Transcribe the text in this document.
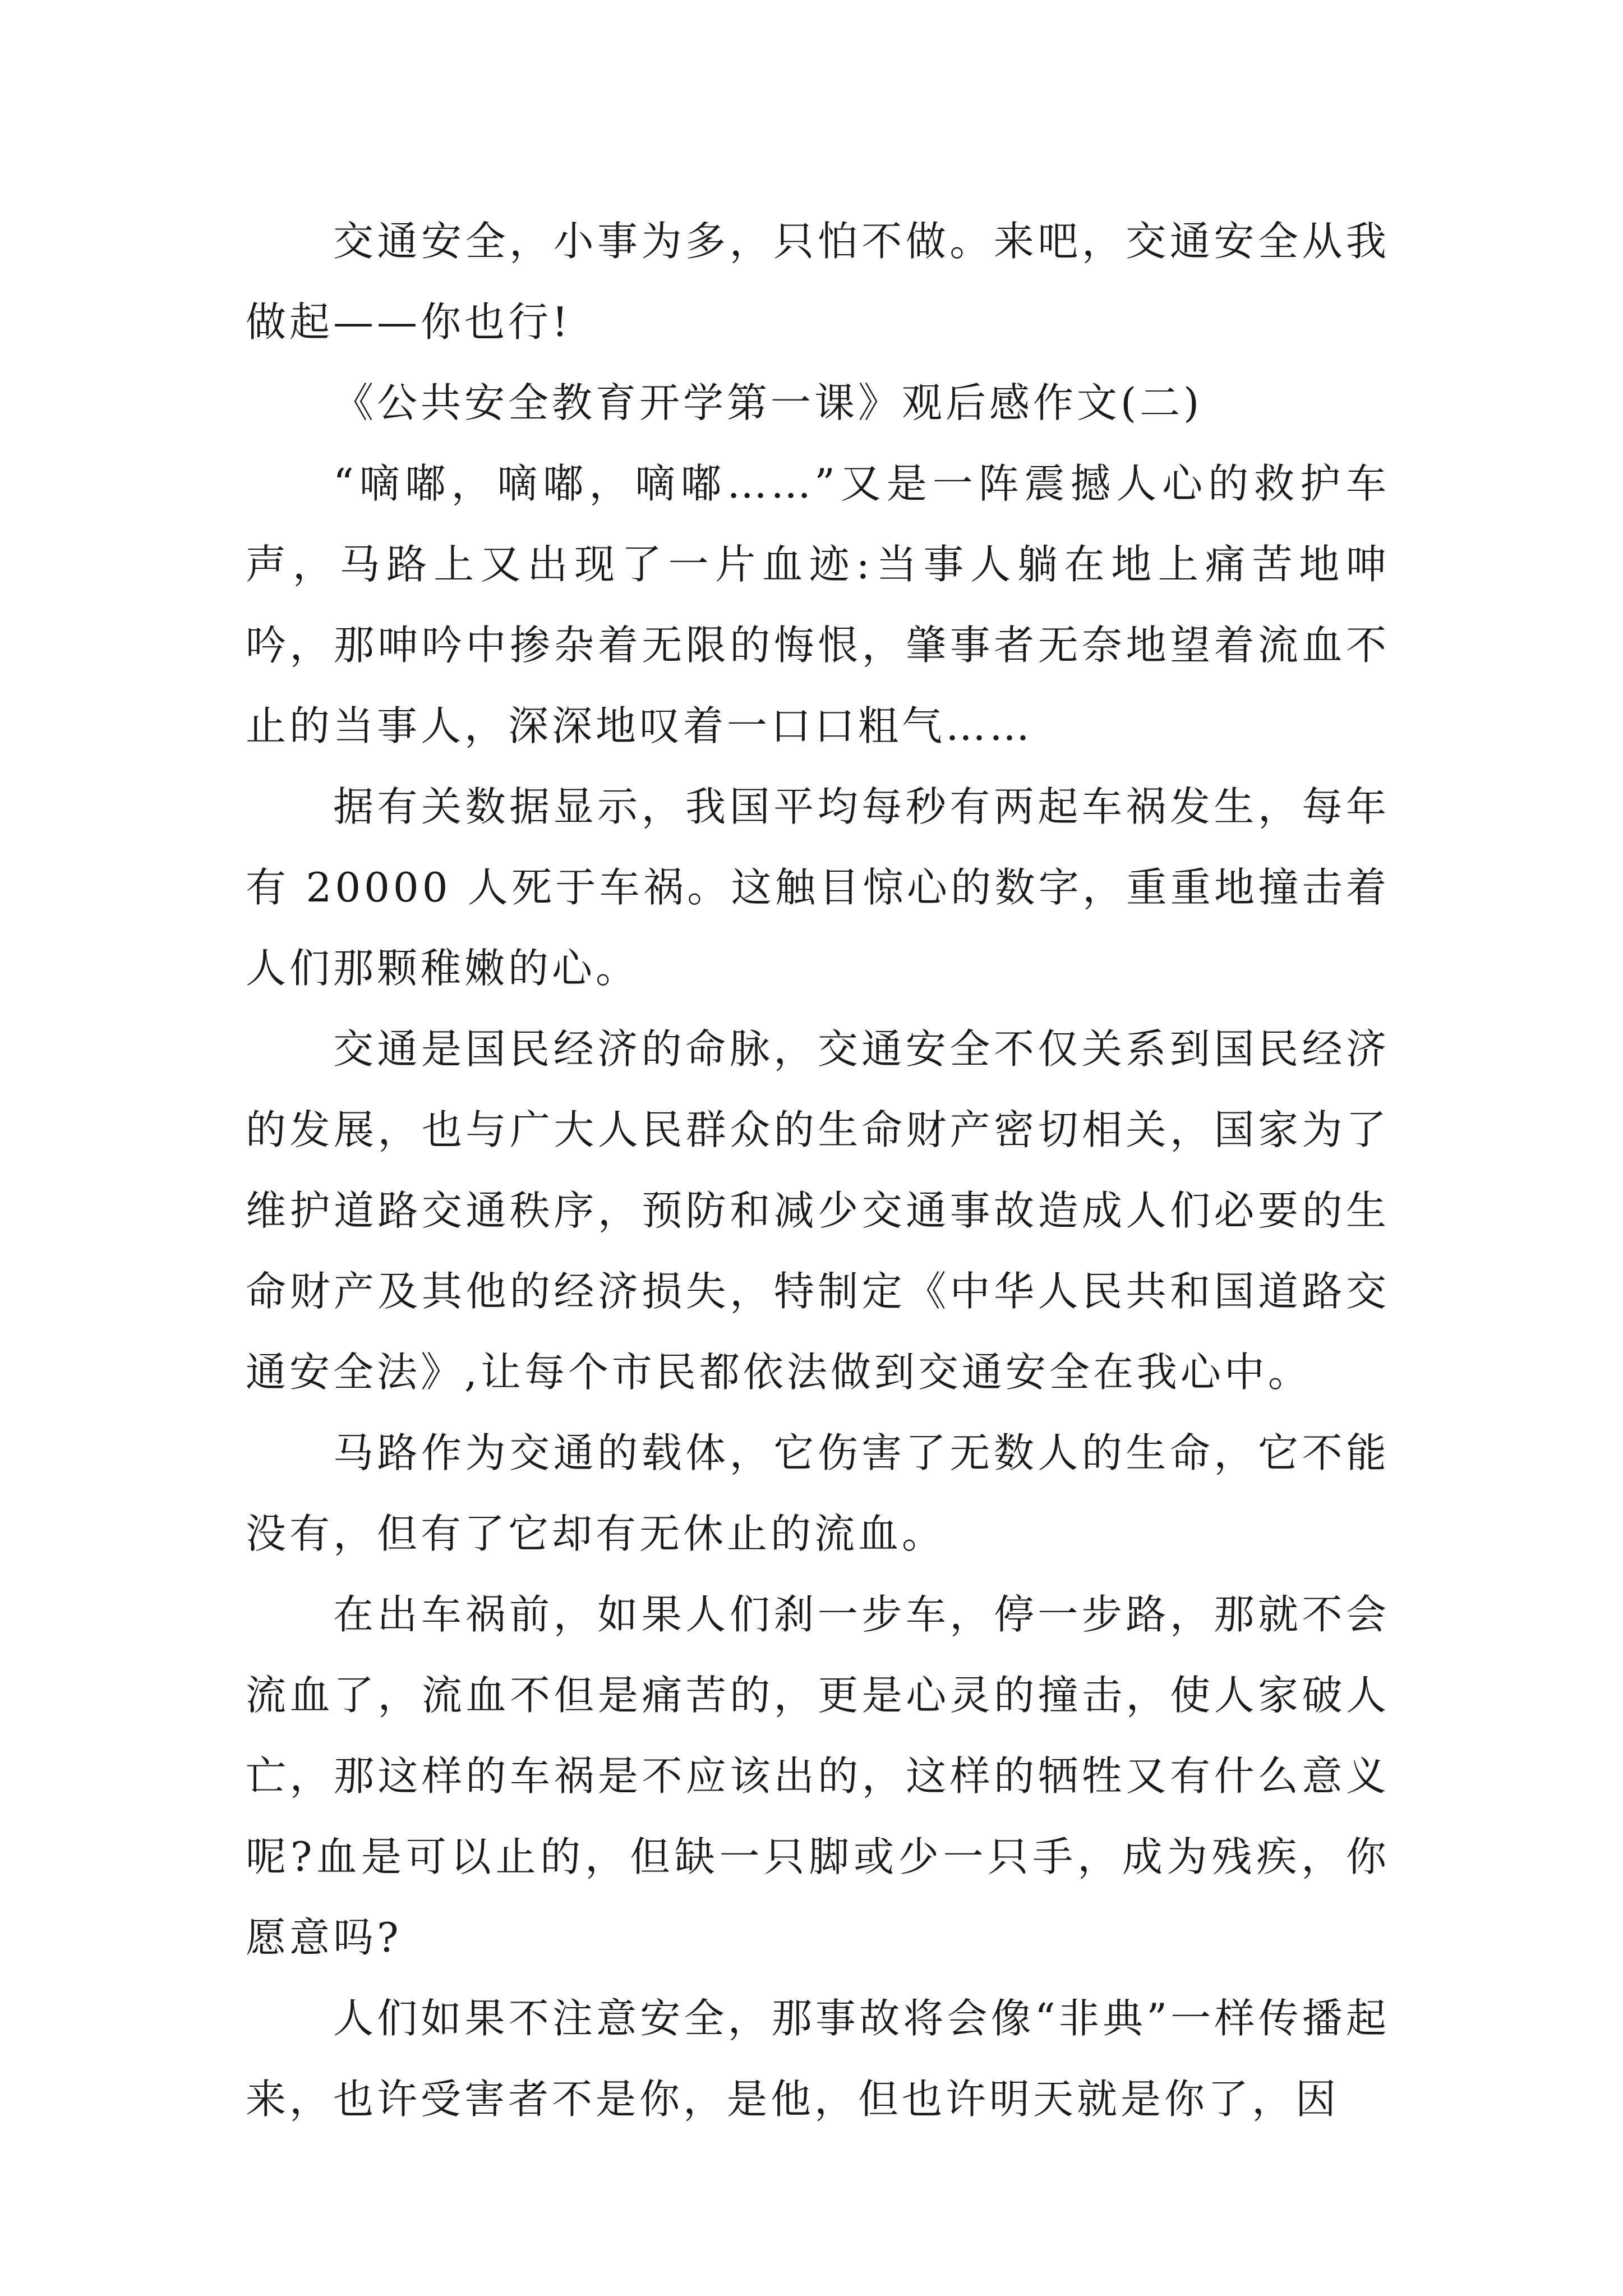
交通安全，小事为多，只怕不做。来吧，交通安全从我做起——你也行!

《公共安全教育开学第一课》观后感作文(二)

“嘀嘟，嘀嘟，嘀嘟……”又是一阵震撼人心的救护车声，马路上又出现了一片血迹:当事人躺在地上痛苦地呻吟，那呻吟中掺杂着无限的悔恨，肇事者无奈地望着流血不止的当事人，深深地叹着一口口粗气……

据有关数据显示，我国平均每秒有两起车祸发生，每年有 20000 人死于车祸。这触目惊心的数字，重重地撞击着人们那颗稚嫩的心。

交通是国民经济的命脉，交通安全不仅关系到国民经济的发展，也与广大人民群众的生命财产密切相关，国家为了维护道路交通秩序，预防和减少交通事故造成人们必要的生命财产及其他的经济损失，特制定《中华人民共和国道路交通安全法》,让每个市民都依法做到交通安全在我心中。

马路作为交通的载体，它伤害了无数人的生命，它不能没有，但有了它却有无休止的流血。

在出车祸前，如果人们刹一步车，停一步路，那就不会流血了，流血不但是痛苦的，更是心灵的撞击，使人家破人亡，那这样的车祸是不应该出的，这样的牺牲又有什么意义呢?血是可以止的，但缺一只脚或少一只手，成为残疾，你愿意吗?

人们如果不注意安全，那事故将会像“非典”一样传播起来，也许受害者不是你，是他，但也许明天就是你了，因
